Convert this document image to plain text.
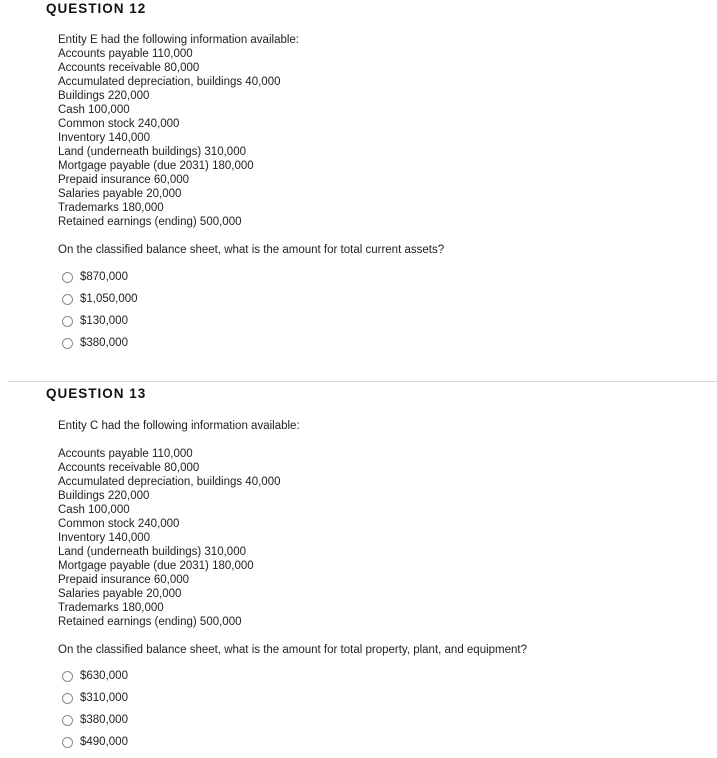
QUESTION 12
Entity E had the following information available:
Accounts payable 110,000
Accounts receivable 80,000
Accumulated depreciation, buildings 40,000
Buildings 220,000
Cash 100,000
Common stock 240,000
Inventory 140,000
Land (underneath buildings) 310,000
Mortgage payable (due 2031) 180,000
Prepaid insurance 60,000
Salaries payable 20,000
Trademarks 180,000
Retained earnings (ending) 500,000
On the classified balance sheet, what is the amount for total current assets?
$870,000
$1,050,000
$130,000
$380,000
QUESTION 13
Entity C had the following information available:
Accounts payable 110,000
Accounts receivable 80,000
Accumulated depreciation, buildings 40,000
Buildings 220,000
Cash 100,000
Common stock 240,000
Inventory 140,000
Land (underneath buildings) 310,000
Mortgage payable (due 2031) 180,000
Prepaid insurance 60,000
Salaries payable 20,000
Trademarks 180,000
Retained earnings (ending) 500,000
On the classified balance sheet, what is the amount for total property, plant, and equipment?
$630,000
$310,000
$380,000
$490,000
